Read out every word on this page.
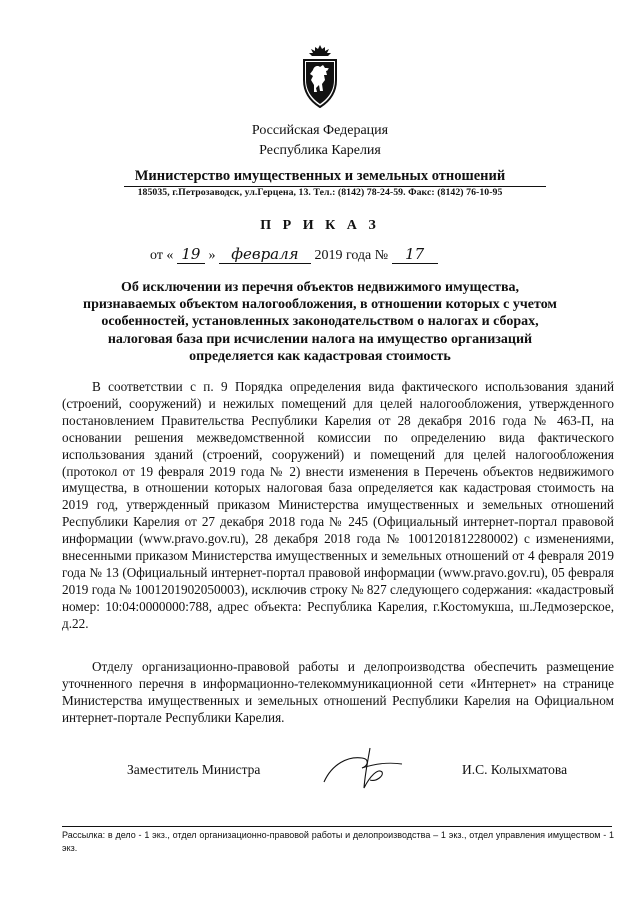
Российская Федерация
Республика Карелия
Министерство имущественных и земельных отношений
185035, г.Петрозаводск, ул.Герцена, 13. Тел.: (8142) 78-24-59. Факс: (8142) 76-10-95
П Р И К А З
от « 19 » февраля 2019 года № 17
Об исключении из перечня объектов недвижимого имущества, признаваемых объектом налогообложения, в отношении которых с учетом особенностей, установленных законодательством о налогах и сборах, налоговая база при исчислении налога на имущество организаций определяется как кадастровая стоимость

В соответствии с п. 9 Порядка определения вида фактического использования зданий (строений, сооружений) и нежилых помещений для целей налогообложения, утвержденного постановлением Правительства Республики Карелия от 28 декабря 2016 года № 463-П, на основании решения межведомственной комиссии по определению вида фактического использования зданий (строений, сооружений) и помещений для целей налогообложения (протокол от 19 февраля 2019 года № 2) внести изменения в Перечень объектов недвижимого имущества, в отношении которых налоговая база определяется как кадастровая стоимость на 2019 год, утвержденный приказом Министерства имущественных и земельных отношений Республики Карелия от 27 декабря 2018 года № 245 (Официальный интернет-портал правовой информации (www.pravo.gov.ru), 28 декабря 2018 года № 1001201812280002) с изменениями, внесенными приказом Министерства имущественных и земельных отношений от 4 февраля 2019 года № 13 (Официальный интернет-портал правовой информации (www.pravo.gov.ru), 05 февраля 2019 года № 1001201902050003), исключив строку № 827 следующего содержания: «кадастровый номер: 10:04:0000000:788, адрес объекта: Республика Карелия, г.Костомукша, ш.Ледмозерское, д.22.

Отделу организационно-правовой работы и делопроизводства обеспечить размещение уточненного перечня в информационно-телекоммуникационной сети «Интернет» на странице Министерства имущественных и земельных отношений Республики Карелия на Официальном интернет-портале Республики Карелия.

Заместитель Министра	И.С. Колыхматова
Рассылка: в дело - 1 экз., отдел организационно-правовой работы и делопроизводства – 1 экз., отдел управления имуществом - 1 экз.
